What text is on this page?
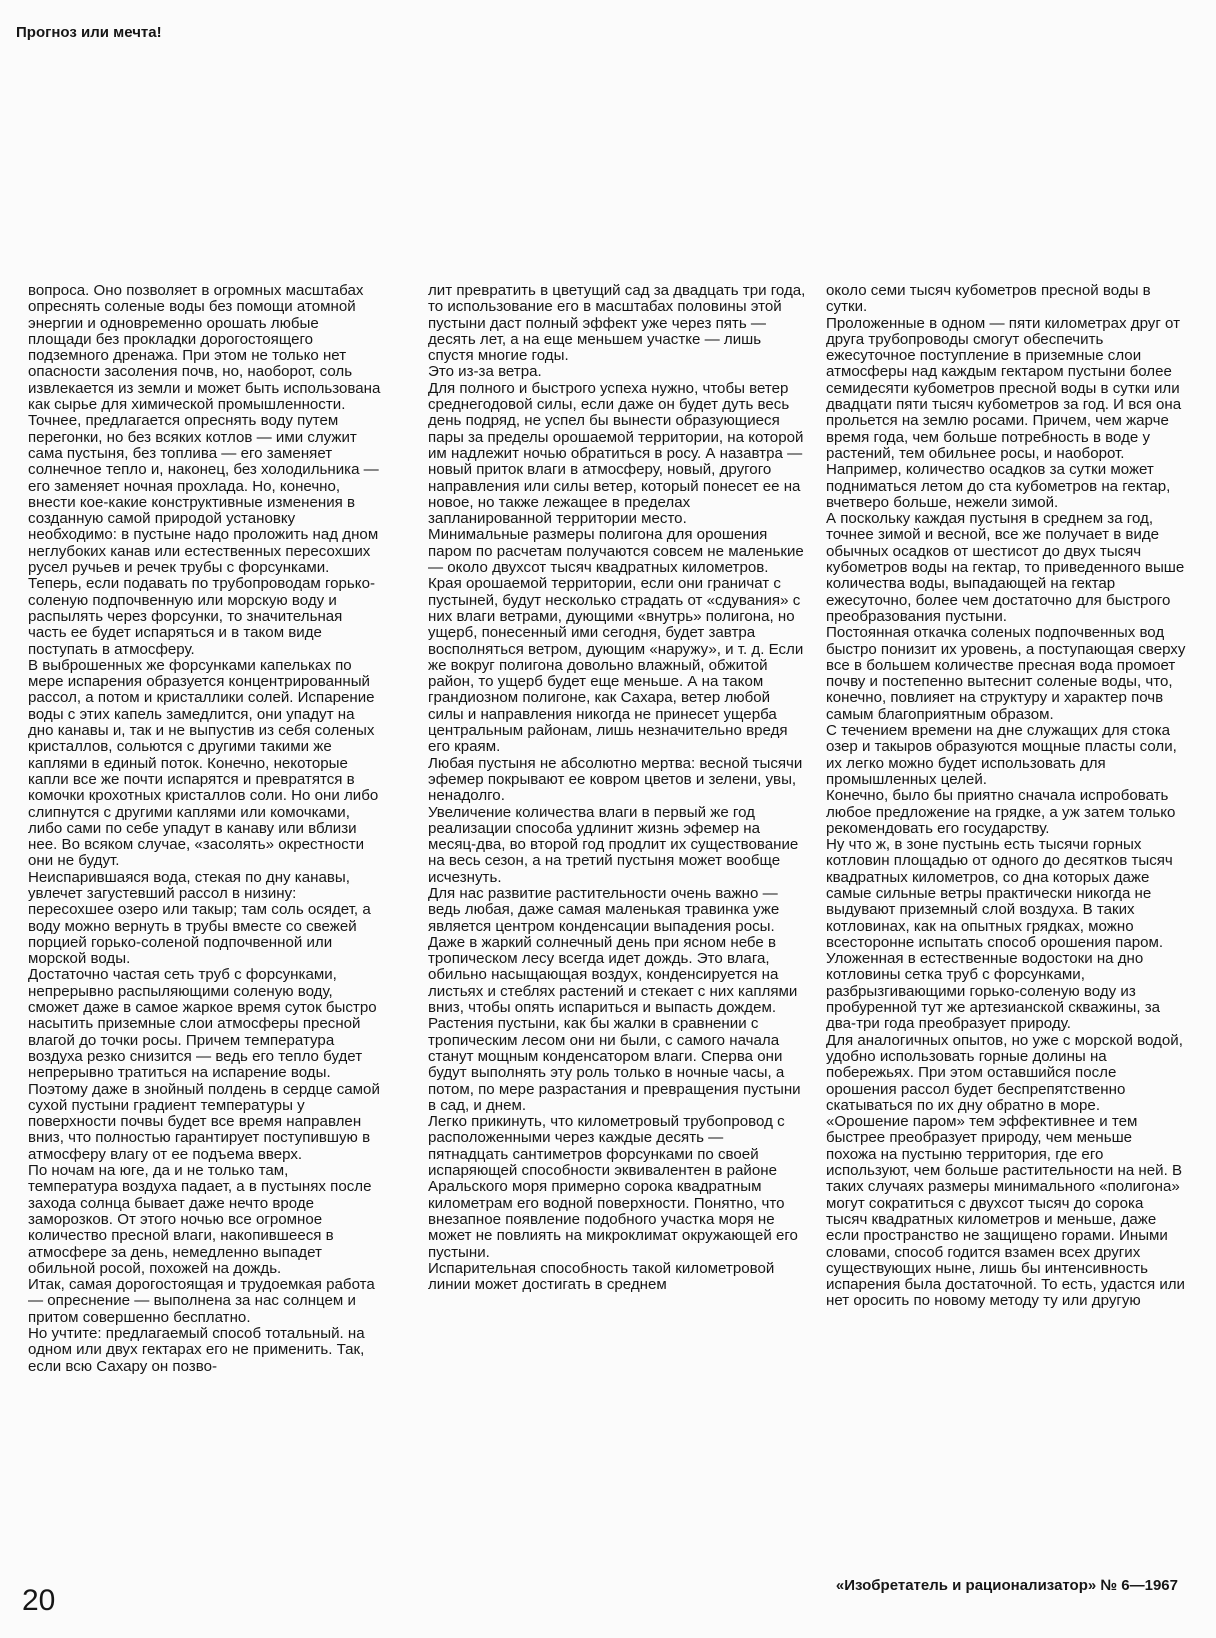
Прогноз или мечта!

вопроса. Оно позволяет в огромных масштабах опреснять соленые воды без помощи атомной энергии и одновременно орошать любые площади без прокладки дорогостоящего подземного дренажа. При этом не только нет опасности засоления почв, но, наоборот, соль извлекается из земли и может быть использована как сырье для химической промышленности. Точнее, предлагается опреснять воду путем перегонки, но без всяких котлов — ими служит сама пустыня, без топлива — его заменяет солнечное тепло и, наконец, без холодильника — его заменяет ночная прохлада. Но, конечно, внести кое-какие конструктивные изменения в созданную самой природой установку необходимо: в пустыне надо проложить над дном неглубоких канав или естественных пересохших русел ручьев и речек трубы с форсунками.

Теперь, если подавать по трубопроводам горько-соленую подпочвенную или морскую воду и распылять через форсунки, то значительная часть ее будет испаряться и в таком виде поступать в атмосферу.

В выброшенных же форсунками капельках по мере испарения образуется концентрированный рассол, а потом и кристаллики солей. Испарение воды с этих капель замедлится, они упадут на дно канавы и, так и не выпустив из себя соленых кристаллов, сольются с другими такими же каплями в единый поток. Конечно, некоторые капли все же почти испарятся и превратятся в комочки крохотных кристаллов соли. Но они либо слипнутся с другими каплями или комочками, либо сами по себе упадут в канаву или вблизи нее. Во всяком случае, «засолять» окрестности они не будут.

Неиспарившаяся вода, стекая по дну канавы, увлечет загустевший рассол в низину: пересохшее озеро или такыр; там соль осядет, а воду можно вернуть в трубы вместе со свежей порцией горько-соленой подпочвенной или морской воды.

Достаточно частая сеть труб с форсунками, непрерывно распыляющими соленую воду, сможет даже в самое жаркое время суток быстро насытить приземные слои атмосферы пресной влагой до точки росы. Причем температура воздуха резко снизится — ведь его тепло будет непрерывно тратиться на испарение воды. Поэтому даже в знойный полдень в сердце самой сухой пустыни градиент температуры у поверхности почвы будет все время направлен вниз, что полностью гарантирует поступившую в атмосферу влагу от ее подъема вверх.

По ночам на юге, да и не только там, температура воздуха падает, а в пустынях после захода солнца бывает даже нечто вроде заморозков. От этого ночью все огромное количество пресной влаги, накопившееся в атмосфере за день, немедленно выпадет обильной росой, похожей на дождь.

Итак, самая дорогостоящая и трудоемкая работа — опреснение — выполнена за нас солнцем и притом совершенно бесплатно.

Но учтите: предлагаемый способ тотальный. на одном или двух гектарах его не применить. Так, если всю Сахару он позво-

лит превратить в цветущий сад за двадцать три года, то использование его в масштабах половины этой пустыни даст полный эффект уже через пять — десять лет, а на еще меньшем участке — лишь спустя многие годы.

Это из-за ветра.

Для полного и быстрого успеха нужно, чтобы ветер среднегодовой силы, если даже он будет дуть весь день подряд, не успел бы вынести образующиеся пары за пределы орошаемой территории, на которой им надлежит ночью обратиться в росу. А назавтра — новый приток влаги в атмосферу, новый, другого направления или силы ветер, который понесет ее на новое, но также лежащее в пределах запланированной территории место.

Минимальные размеры полигона для орошения паром по расчетам получаются совсем не маленькие — около двухсот тысяч квадратных километров.

Края орошаемой территории, если они граничат с пустыней, будут несколько страдать от «сдувания» с них влаги ветрами, дующими «внутрь» полигона, но ущерб, понесенный ими сегодня, будет завтра восполняться ветром, дующим «наружу», и т. д. Если же вокруг полигона довольно влажный, обжитой район, то ущерб будет еще меньше. А на таком грандиозном полигоне, как Сахара, ветер любой силы и направления никогда не принесет ущерба центральным районам, лишь незначительно вредя его краям.

Любая пустыня не абсолютно мертва: весной тысячи эфемер покрывают ее ковром цветов и зелени, увы, ненадолго.

Увеличение количества влаги в первый же год реализации способа удлинит жизнь эфемер на месяц-два, во второй год продлит их существование на весь сезон, а на третий пустыня может вообще исчезнуть.

Для нас развитие растительности очень важно — ведь любая, даже самая маленькая травинка уже является центром конденсации выпадения росы.

Даже в жаркий солнечный день при ясном небе в тропическом лесу всегда идет дождь. Это влага, обильно насыщающая воздух, конденсируется на листьях и стеблях растений и стекает с них каплями вниз, чтобы опять испариться и выпасть дождем. Растения пустыни, как бы жалки в сравнении с тропическим лесом они ни были, с самого начала станут мощным конденсатором влаги. Сперва они будут выполнять эту роль только в ночные часы, а потом, по мере разрастания и превращения пустыни в сад, и днем.

Легко прикинуть, что километровый трубопровод с расположенными через каждые десять — пятнадцать сантиметров форсунками по своей испаряющей способности эквивалентен в районе Аральского моря примерно сорока квадратным километрам его водной поверхности. Понятно, что внезапное появление подобного участка моря не может не повлиять на микроклимат окружающей его пустыни.

Испарительная способность такой километровой линии может достигать в среднем

около семи тысяч кубометров пресной воды в сутки.

Проложенные в одном — пяти километрах друг от друга трубопроводы смогут обеспечить ежесуточное поступление в приземные слои атмосферы над каждым гектаром пустыни более семидесяти кубометров пресной воды в сутки или двадцати пяти тысяч кубометров за год. И вся она прольется на землю росами. Причем, чем жарче время года, чем больше потребность в воде у растений, тем обильнее росы, и наоборот. Например, количество осадков за сутки может подниматься летом до ста кубометров на гектар, вчетверо больше, нежели зимой.

А поскольку каждая пустыня в среднем за год, точнее зимой и весной, все же получает в виде обычных осадков от шестисот до двух тысяч кубометров воды на гектар, то приведенного выше количества воды, выпадающей на гектар ежесуточно, более чем достаточно для быстрого преобразования пустыни.

Постоянная откачка соленых подпочвенных вод быстро понизит их уровень, а поступающая сверху все в большем количестве пресная вода промоет почву и постепенно вытеснит соленые воды, что, конечно, повлияет на структуру и характер почв самым благоприятным образом.

С течением времени на дне служащих для стока озер и такыров образуются мощные пласты соли, их легко можно будет использовать для промышленных целей.

Конечно, было бы приятно сначала испробовать любое предложение на грядке, а уж затем только рекомендовать его государству.

Ну что ж, в зоне пустынь есть тысячи горных котловин площадью от одного до десятков тысяч квадратных километров, со дна которых даже самые сильные ветры практически никогда не выдувают приземный слой воздуха. В таких котловинах, как на опытных грядках, можно всесторонне испытать способ орошения паром.

Уложенная в естественные водостоки на дно котловины сетка труб с форсунками, разбрызгивающими горько-соленую воду из пробуренной тут же артезианской скважины, за два-три года преобразует природу.

Для аналогичных опытов, но уже с морской водой, удобно использовать горные долины на побережьях. При этом оставшийся после орошения рассол будет беспрепятственно скатываться по их дну обратно в море.

«Орошение паром» тем эффективнее и тем быстрее преобразует природу, чем меньше похожа на пустыню территория, где его используют, чем больше растительности на ней. В таких случаях размеры минимального «полигона» могут сократиться с двухсот тысяч до сорока тысяч квадратных километров и меньше, даже если пространство не защищено горами. Иными словами, способ годится взамен всех других существующих ныне, лишь бы интенсивность испарения была достаточной. То есть, удастся или нет оросить по новому методу ту или другую

20	«Изобретатель и рационализатор» № 6—1967
